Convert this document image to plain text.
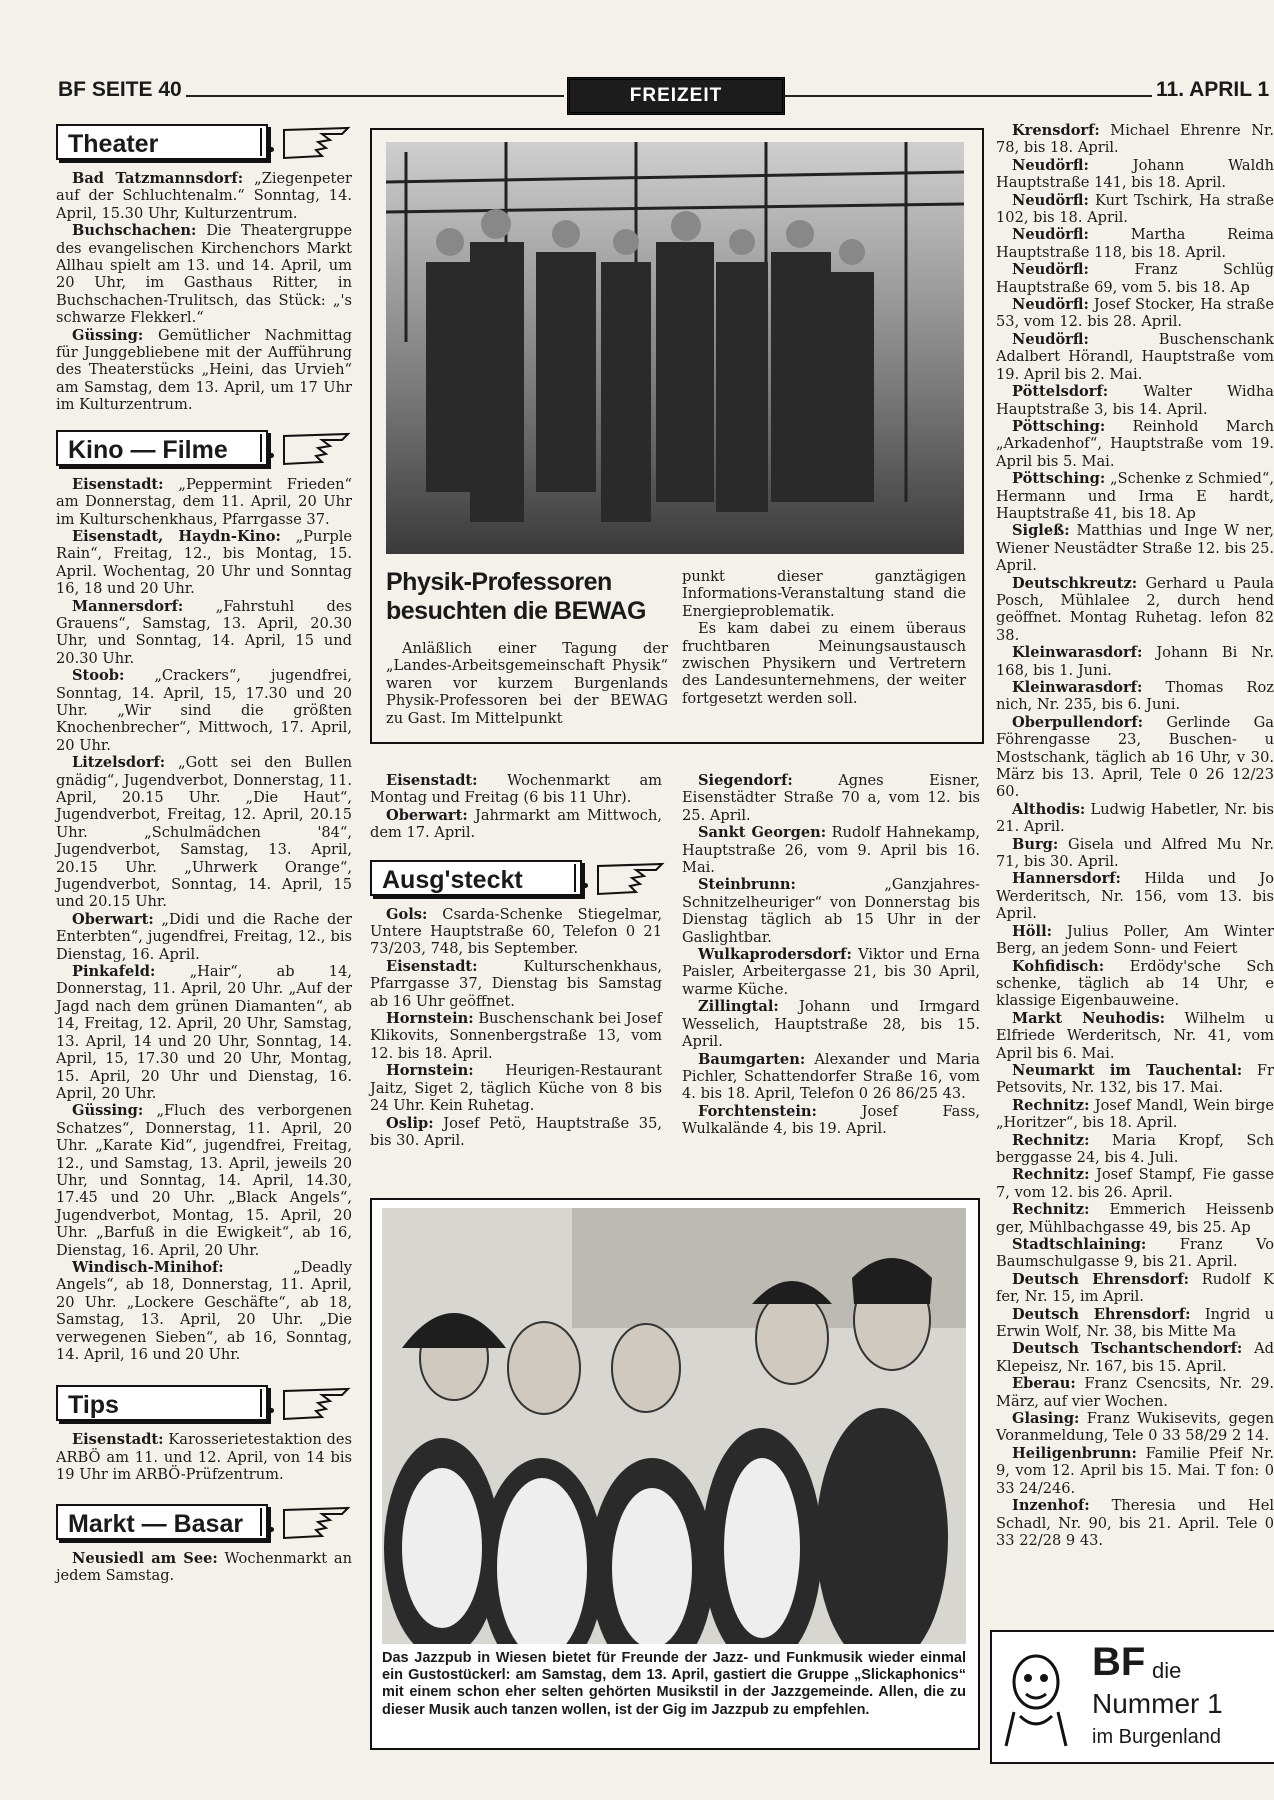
BF SEITE 40	FREIZEIT	11. APRIL 1
Theater

Bad Tatzmannsdorf: „Ziegenpeter auf der Schluchtenalm.“ Sonntag, 14. April, 15.30 Uhr, Kulturzentrum.

Buchschachen: Die Theatergruppe des evangelischen Kirchenchors Markt Allhau spielt am 13. und 14. April, um 20 Uhr, im Gasthaus Ritter, in Buchschachen-Trulitsch, das Stück: „'s schwarze Flekkerl.“

Güssing: Gemütlicher Nachmittag für Junggebliebene mit der Aufführung des Theaterstücks „Heini, das Urvieh“ am Samstag, dem 13. April, um 17 Uhr im Kulturzentrum.

Kino — Filme

Eisenstadt: „Peppermint Frieden“ am Donnerstag, dem 11. April, 20 Uhr im Kulturschenkhaus, Pfarrgasse 37.

Eisenstadt, Haydn-Kino: „Purple Rain“, Freitag, 12., bis Montag, 15. April. Wochentag, 20 Uhr und Sonntag 16, 18 und 20 Uhr.

Mannersdorf: „Fahrstuhl des Grauens“, Samstag, 13. April, 20.30 Uhr, und Sonntag, 14. April, 15 und 20.30 Uhr.

Stoob: „Crackers“, jugendfrei, Sonntag, 14. April, 15, 17.30 und 20 Uhr. „Wir sind die größten Knochenbrecher“, Mittwoch, 17. April, 20 Uhr.

Litzelsdorf: „Gott sei den Bullen gnädig“, Jugendverbot, Donnerstag, 11. April, 20.15 Uhr. „Die Haut“, Jugendverbot, Freitag, 12. April, 20.15 Uhr. „Schulmädchen '84“, Jugendverbot, Samstag, 13. April, 20.15 Uhr. „Uhrwerk Orange“, Jugendverbot, Sonntag, 14. April, 15 und 20.15 Uhr.

Oberwart: „Didi und die Rache der Enterbten“, jugendfrei, Freitag, 12., bis Dienstag, 16. April.

Pinkafeld: „Hair“, ab 14, Donnerstag, 11. April, 20 Uhr. „Auf der Jagd nach dem grünen Diamanten“, ab 14, Freitag, 12. April, 20 Uhr, Samstag, 13. April, 14 und 20 Uhr, Sonntag, 14. April, 15, 17.30 und 20 Uhr, Montag, 15. April, 20 Uhr und Dienstag, 16. April, 20 Uhr.

Güssing: „Fluch des verborgenen Schatzes“, Donnerstag, 11. April, 20 Uhr. „Karate Kid“, jugendfrei, Freitag, 12., und Samstag, 13. April, jeweils 20 Uhr, und Sonntag, 14. April, 14.30, 17.45 und 20 Uhr. „Black Angels“, Jugendverbot, Montag, 15. April, 20 Uhr. „Barfuß in die Ewigkeit“, ab 16, Dienstag, 16. April, 20 Uhr.

Windisch-Minihof: „Deadly Angels“, ab 18, Donnerstag, 11. April, 20 Uhr. „Lockere Geschäfte“, ab 18, Samstag, 13. April, 20 Uhr. „Die verwegenen Sieben“, ab 16, Sonntag, 14. April, 16 und 20 Uhr.

Tips

Eisenstadt: Karosserietestaktion des ARBÖ am 11. und 12. April, von 14 bis 19 Uhr im ARBÖ-Prüfzentrum.

Markt — Basar

Neusiedl am See: Wochenmarkt an jedem Samstag.

Physik-Professoren besuchten die BEWAG

Anläßlich einer Tagung der „Landes-Arbeitsgemeinschaft Physik“ waren vor kurzem Burgenlands Physik-Professoren bei der BEWAG zu Gast. Im Mittelpunkt

punkt dieser ganztägigen Informations-Veranstaltung stand die Energieproblematik.

Es kam dabei zu einem überaus fruchtbaren Meinungsaustausch zwischen Physikern und Vertretern des Landesunternehmens, der weiter fortgesetzt werden soll.

Eisenstadt: Wochenmarkt am Montag und Freitag (6 bis 11 Uhr).

Oberwart: Jahrmarkt am Mittwoch, dem 17. April.

Ausg'steckt

Gols: Csarda-Schenke Stiegelmar, Untere Hauptstraße 60, Telefon 0 21 73/203, 748, bis September.

Eisenstadt: Kulturschenkhaus, Pfarrgasse 37, Dienstag bis Samstag ab 16 Uhr geöffnet.

Hornstein: Buschenschank bei Josef Klikovits, Sonnenbergstraße 13, vom 12. bis 18. April.

Hornstein: Heurigen-Restaurant Jaitz, Siget 2, täglich Küche von 8 bis 24 Uhr. Kein Ruhetag.

Oslip: Josef Petö, Hauptstraße 35, bis 30. April.

Siegendorf: Agnes Eisner, Eisenstädter Straße 70 a, vom 12. bis 25. April.

Sankt Georgen: Rudolf Hahnekamp, Hauptstraße 26, vom 9. April bis 16. Mai.

Steinbrunn: „Ganzjahres-Schnitzelheuriger“ von Donnerstag bis Dienstag täglich ab 15 Uhr in der Gaslightbar.

Wulkaprodersdorf: Viktor und Erna Paisler, Arbeitergasse 21, bis 30 April, warme Küche.

Zillingtal: Johann und Irmgard Wesselich, Hauptstraße 28, bis 15. April.

Baumgarten: Alexander und Maria Pichler, Schattendorfer Straße 16, vom 4. bis 18. April, Telefon 0 26 86/25 43.

Forchtenstein: Josef Fass, Wulkalände 4, bis 19. April.

Das Jazzpub in Wiesen bietet für Freunde der Jazz- und Funkmusik wieder einmal ein Gustostückerl: am Samstag, dem 13. April, gastiert die Gruppe „Slickaphonics“ mit einem schon eher selten gehörten Musikstil in der Jazzgemeinde. Allen, die zu dieser Musik auch tanzen wollen, ist der Gig im Jazzpub zu empfehlen.

Krensdorf: Michael Ehrenre Nr. 78, bis 18. April.

Neudörfl: Johann Waldh Hauptstraße 141, bis 18. April.

Neudörfl: Kurt Tschirk, Ha straße 102, bis 18. April.

Neudörfl: Martha Reima Hauptstraße 118, bis 18. April.

Neudörfl: Franz Schlüg Hauptstraße 69, vom 5. bis 18. Ap

Neudörfl: Josef Stocker, Ha straße 53, vom 12. bis 28. April.

Neudörfl: Buschenschank Adalbert Hörandl, Hauptstraße vom 19. April bis 2. Mai.

Pöttelsdorf: Walter Widha Hauptstraße 3, bis 14. April.

Pöttsching: Reinhold March „Arkadenhof“, Hauptstraße vom 19. April bis 5. Mai.

Pöttsching: „Schenke z Schmied“, Hermann und Irma E hardt, Hauptstraße 41, bis 18. Ap

Sigleß: Matthias und Inge W ner, Wiener Neustädter Straße 12. bis 25. April.

Deutschkreutz: Gerhard u Paula Posch, Mühlalee 2, durch hend geöffnet. Montag Ruhetag. lefon 82 38.

Kleinwarasdorf: Johann Bi Nr. 168, bis 1. Juni.

Kleinwarasdorf: Thomas Roz nich, Nr. 235, bis 6. Juni.

Oberpullendorf: Gerlinde Ga Föhrengasse 23, Buschen- u Mostschank, täglich ab 16 Uhr, v 30. März bis 13. April, Tele 0 26 12/23 60.

Althodis: Ludwig Habetler, Nr. bis 21. April.

Burg: Gisela und Alfred Mu Nr. 71, bis 30. April.

Hannersdorf: Hilda und Jo Werderitsch, Nr. 156, vom 13. bis April.

Höll: Julius Poller, Am Winter Berg, an jedem Sonn- und Feiert

Kohfidisch: Erdödy'sche Sch schenke, täglich ab 14 Uhr, e klassige Eigenbauweine.

Markt Neuhodis: Wilhelm u Elfriede Werderitsch, Nr. 41, vom April bis 6. Mai.

Neumarkt im Tauchental: Fr Petsovits, Nr. 132, bis 17. Mai.

Rechnitz: Josef Mandl, Wein birge „Horitzer“, bis 18. April.

Rechnitz: Maria Kropf, Sch berggasse 24, bis 4. Juli.

Rechnitz: Josef Stampf, Fie gasse 7, vom 12. bis 26. April.

Rechnitz: Emmerich Heissenb ger, Mühlbachgasse 49, bis 25. Ap

Stadtschlaining: Franz Vo Baumschulgasse 9, bis 21. April.

Deutsch Ehrensdorf: Rudolf K fer, Nr. 15, im April.

Deutsch Ehrensdorf: Ingrid u Erwin Wolf, Nr. 38, bis Mitte Ma

Deutsch Tschantschendorf: Ad Klepeisz, Nr. 167, bis 15. April.

Eberau: Franz Csencsits, Nr. 29. März, auf vier Wochen.

Glasing: Franz Wukisevits, gegen Voranmeldung, Tele 0 33 58/29 2 14.

Heiligenbrunn: Familie Pfeif Nr. 9, vom 12. April bis 15. Mai. T fon: 0 33 24/246.

Inzenhof: Theresia und Hel Schadl, Nr. 90, bis 21. April. Tele 0 33 22/28 9 43.

BF die
Nummer 1
im Burgenland
